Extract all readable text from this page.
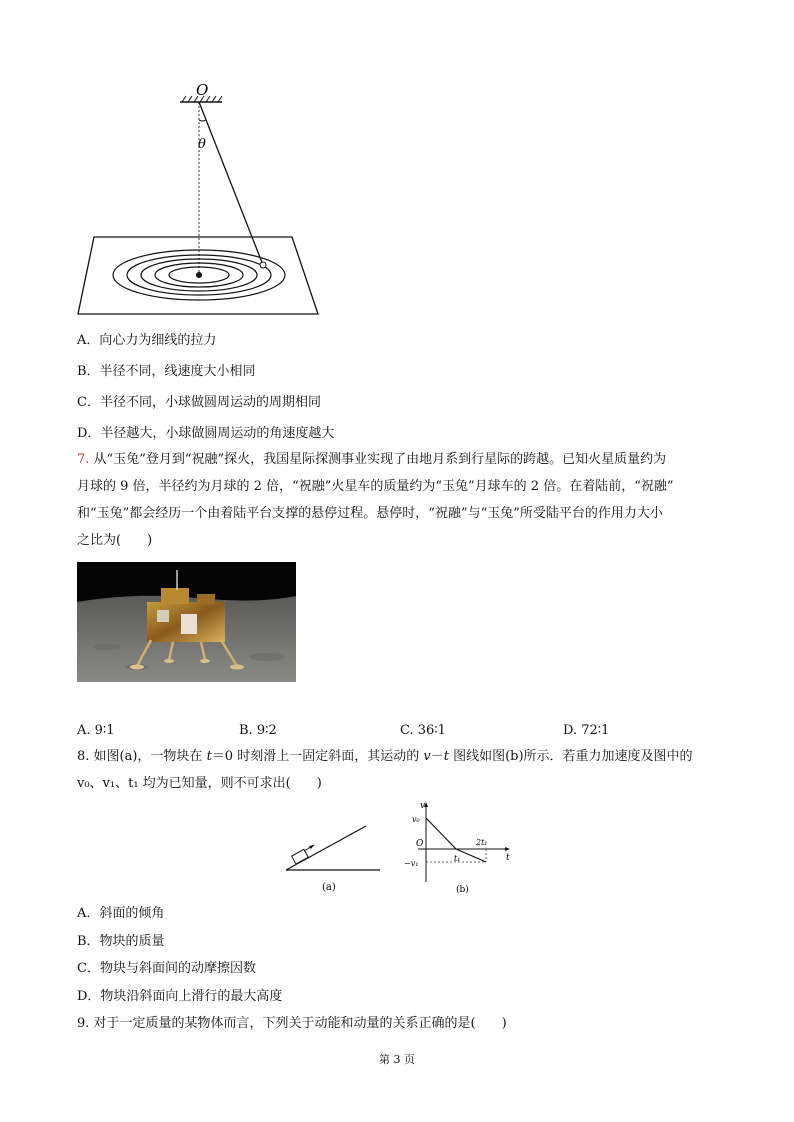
O
θ
A．向心力为细线的拉力
B．半径不同，线速度大小相同
C．半径不同，小球做圆周运动的周期相同
D．半径越大，小球做圆周运动的角速度越大
7. 从“玉兔”登月到“祝融”探火，我国星际探测事业实现了由地月系到行星际的跨越。已知火星质量约为
月球的 9 倍，半径约为月球的 2 倍，“祝融”火星车的质量约为“玉兔”月球车的 2 倍。在着陆前，“祝融”
和“玉兔”都会经历一个由着陆平台支撑的悬停过程。悬停时，“祝融”与“玉兔”所受陆平台的作用力大小
之比为(　　)
A. 9∶1	B. 9∶2	C. 36∶1	D. 72∶1
8. 如图(a)，一物块在 t＝0 时刻滑上一固定斜面，其运动的 v－t 图线如图(b)所示．若重力加速度及图中的
v₀、v₁、t₁ 均为已知量，则不可求出(　　)
(a)
v
v₀
O
−v₁
t₁
2t₁
t
(b)
A．斜面的倾角
B．物块的质量
C．物块与斜面间的动摩擦因数
D．物块沿斜面向上滑行的最大高度
9. 对于一定质量的某物体而言，下列关于动能和动量的关系正确的是(　　)
第 3 页
